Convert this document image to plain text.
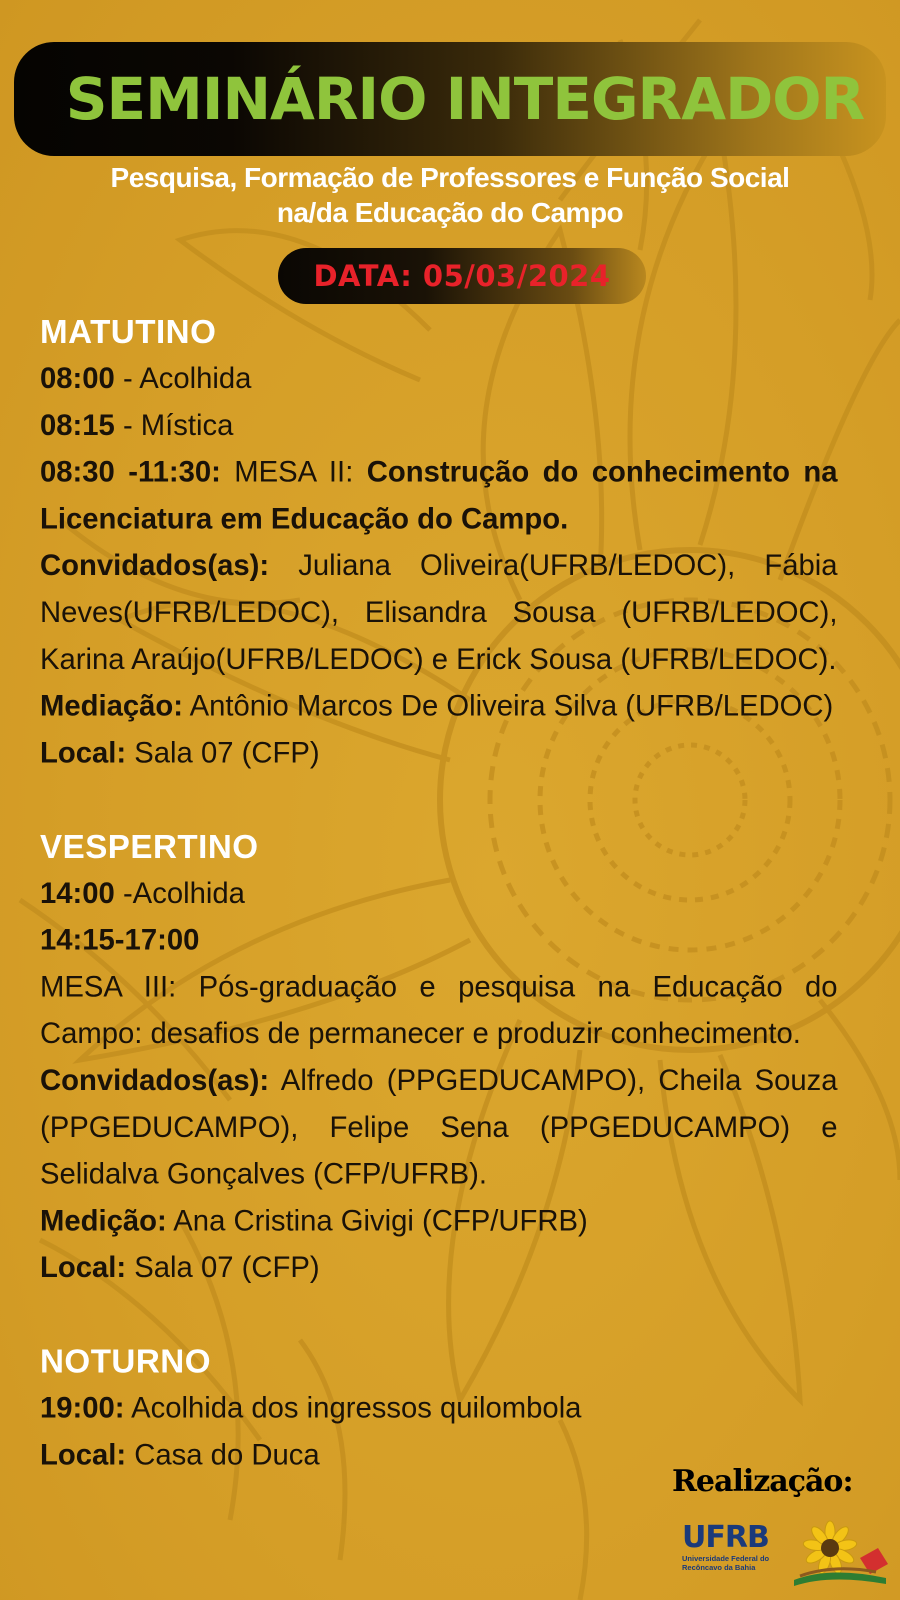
SEMINÁRIO INTEGRADOR
Pesquisa, Formação de Professores e Função Social
na/da Educação do Campo
DATA: 05/03/2024

MATUTINO

08:00 - Acolhida

08:15 - Mística

08:30 -11:30: MESA II: Construção do conhecimento na Licenciatura em Educação do Campo.

Convidados(as): Juliana Oliveira(UFRB/LEDOC), Fábia Neves(UFRB/LEDOC), Elisandra Sousa (UFRB/LEDOC), Karina Araújo(UFRB/LEDOC) e Erick Sousa (UFRB/LEDOC).

Mediação: Antônio Marcos De Oliveira Silva (UFRB/LEDOC)

Local: Sala 07 (CFP)

VESPERTINO

14:00 -Acolhida

14:15-17:00

MESA III: Pós-graduação e pesquisa na Educação do Campo: desafios de permanecer e produzir conhecimento.

Convidados(as): Alfredo (PPGEDUCAMPO), Cheila Souza (PPGEDUCAMPO), Felipe Sena (PPGEDUCAMPO) e Selidalva Gonçalves (CFP/UFRB).

Medição: Ana Cristina Givigi (CFP/UFRB)

Local: Sala 07 (CFP)

NOTURNO

19:00: Acolhida dos ingressos quilombola

Local: Casa do Duca

Realização:
UFRB
Universidade Federal do
Recôncavo da Bahia
